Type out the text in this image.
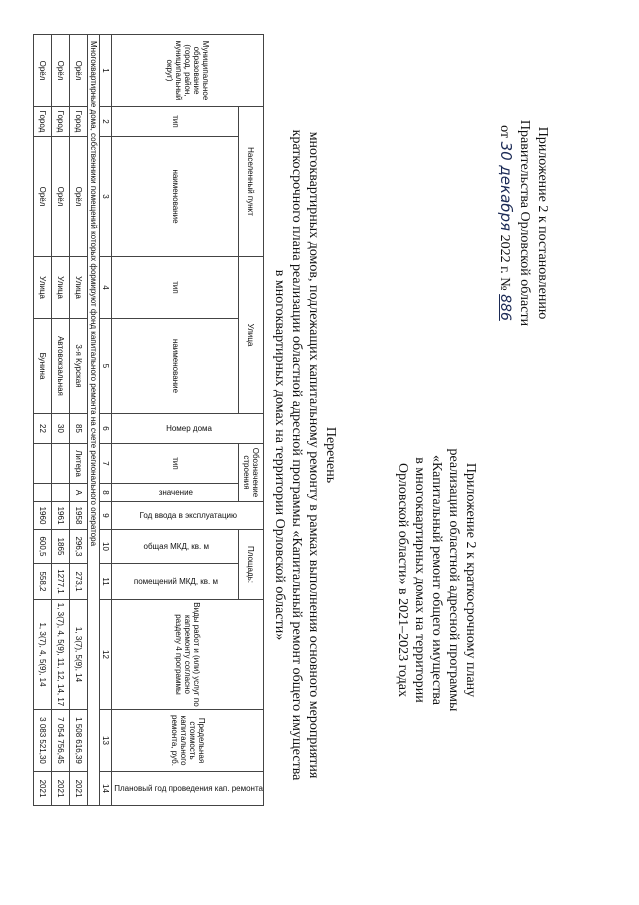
Приложение 2 к постановлению
Правительства Орловской области
от 30 декабря 2022 г. № 886
Приложение 2 к краткосрочному плану
реализации областной адресной программы
«Капитальный ремонт общего имущества
в многоквартирных домах на территории
Орловской области» в 2021–2023 годах
Перечень
многоквартирных домов, подлежащих капитальному ремонту в рамках выполнения основного мероприятия
краткосрочного плана реализации областной адресной программы «Капитальный ремонт общего имущества
в многоквартирных домах на территории Орловской области»
Муниципальное образование (город, район, муниципальный округ)	Населенный пункт		Улица		Номер дома	Обозначение строения		Год ввода в эксплуатацию	Площадь:		Виды работ и (или) услуг по капремонту согласно разделу 4 программы	Предельная стоимость капитального ремонта, руб.	Плановый год проведения кап. ремонта
	тип	наименование	тип	наименование		тип	значение		общая МКД, кв. м	помещений МКД, кв. м			
1	2	3	4	5	6	7	8	9	10	11	12	13	14
Многоквартирные дома, собственники помещений которых формируют фонд капитального ремонта на счете регионального оператора													
Орёл	Город	Орёл	Улица	3-я Курская	85	Литера	А	1958	296,3	273,1	1, 3(7), 5(9), 14	1 508 616,39	2021
Орёл	Город	Орёл	Улица	Автовокзальная	30			1961	1865	1277,1	1, 3(7), 4, 5(9), 11, 12, 14, 17	7 054 756,45	2021
Орёл	Город	Орёл	Улица	Бунина	22			1960	600,5	558,2	1, 3(7), 4, 5(9), 14	3 083 521,30	2021
